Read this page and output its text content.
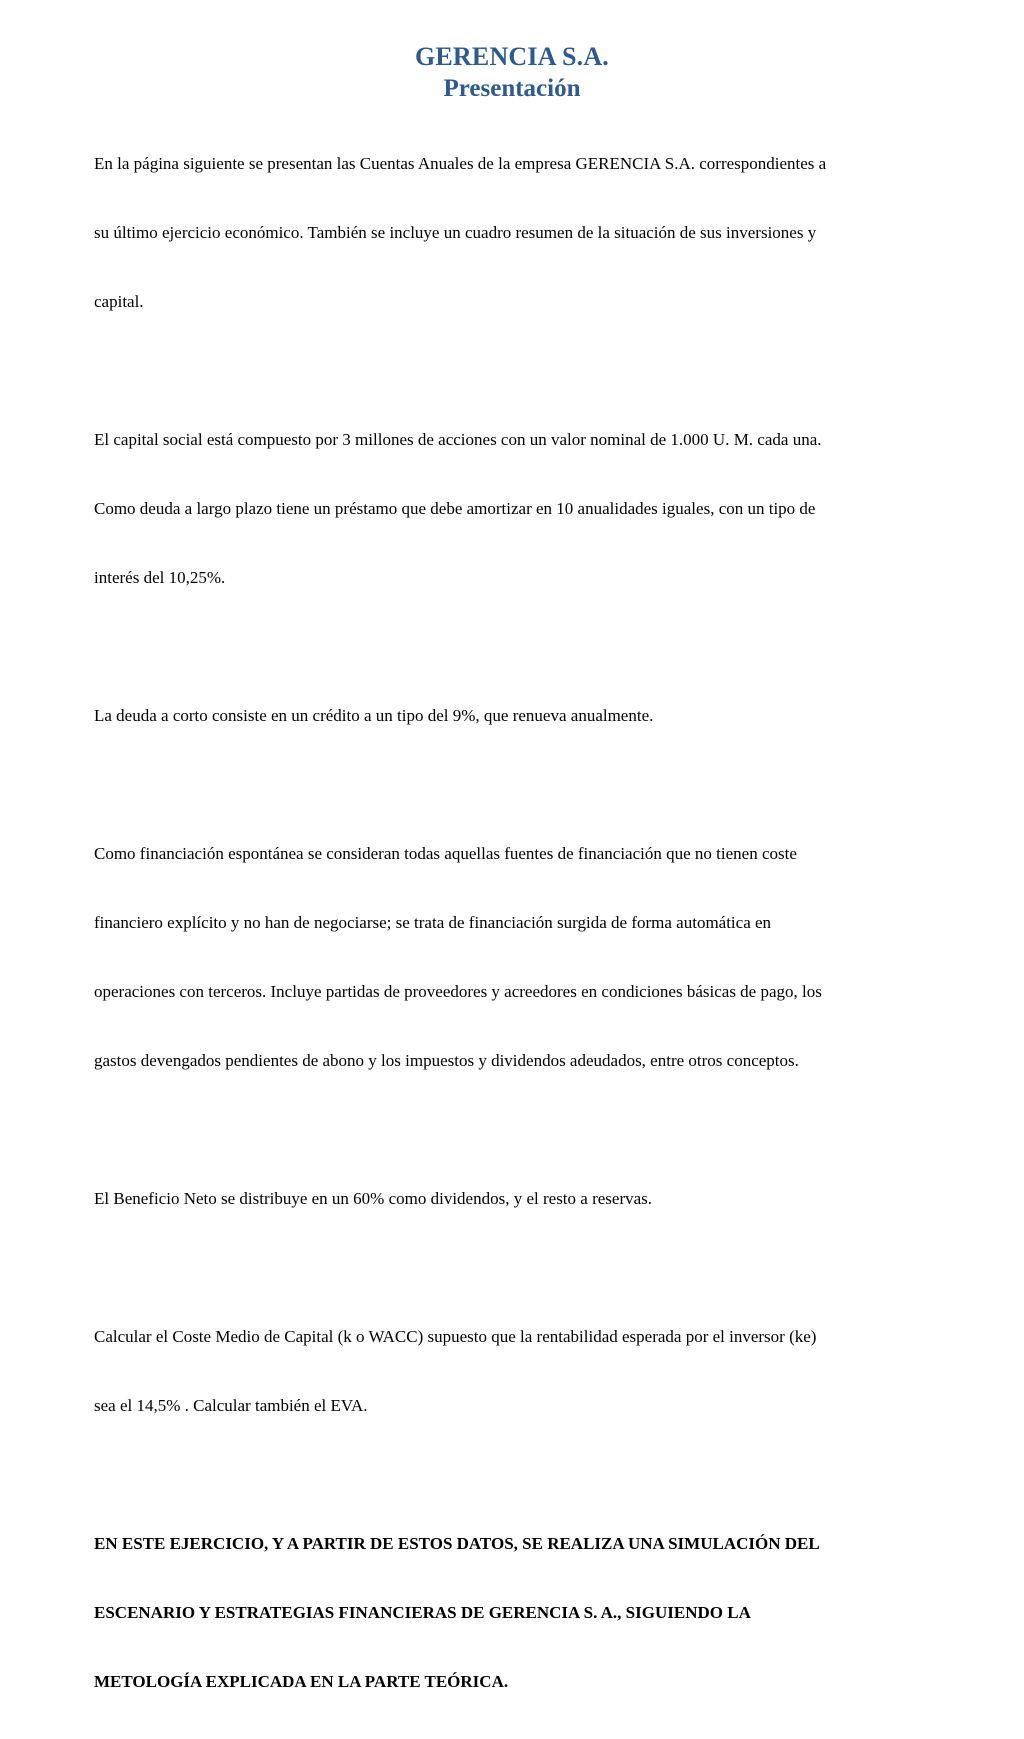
GERENCIA S.A.
Presentación

En la página siguiente se presentan las Cuentas Anuales de la empresa GERENCIA S.A. correspondientes a

su último ejercicio económico. También se incluye un cuadro resumen de la situación de sus inversiones y

capital.

El capital social está compuesto por 3 millones de acciones con un valor nominal de 1.000 U. M. cada una.

Como deuda a largo plazo tiene un préstamo que debe amortizar en 10 anualidades iguales, con un tipo de

interés del 10,25%.

La deuda a corto consiste en un crédito a un tipo del 9%, que renueva anualmente.

Como financiación espontánea se consideran todas aquellas fuentes de financiación que no tienen coste

financiero explícito y no han de negociarse; se trata de financiación surgida de forma automática en

operaciones con terceros. Incluye partidas de proveedores y acreedores en condiciones básicas de pago, los

gastos devengados pendientes de abono y los impuestos y dividendos adeudados, entre otros conceptos.

El Beneficio Neto se distribuye en un 60% como dividendos, y el resto a reservas.

Calcular el Coste Medio de Capital (k o WACC) supuesto que la rentabilidad esperada por el inversor (ke)

sea el 14,5% . Calcular también el EVA.

EN ESTE EJERCICIO, Y A PARTIR DE ESTOS DATOS, SE REALIZA UNA SIMULACIÓN DEL

ESCENARIO Y ESTRATEGIAS FINANCIERAS DE GERENCIA S. A., SIGUIENDO LA

METOLOGÍA EXPLICADA EN LA PARTE TEÓRICA.
